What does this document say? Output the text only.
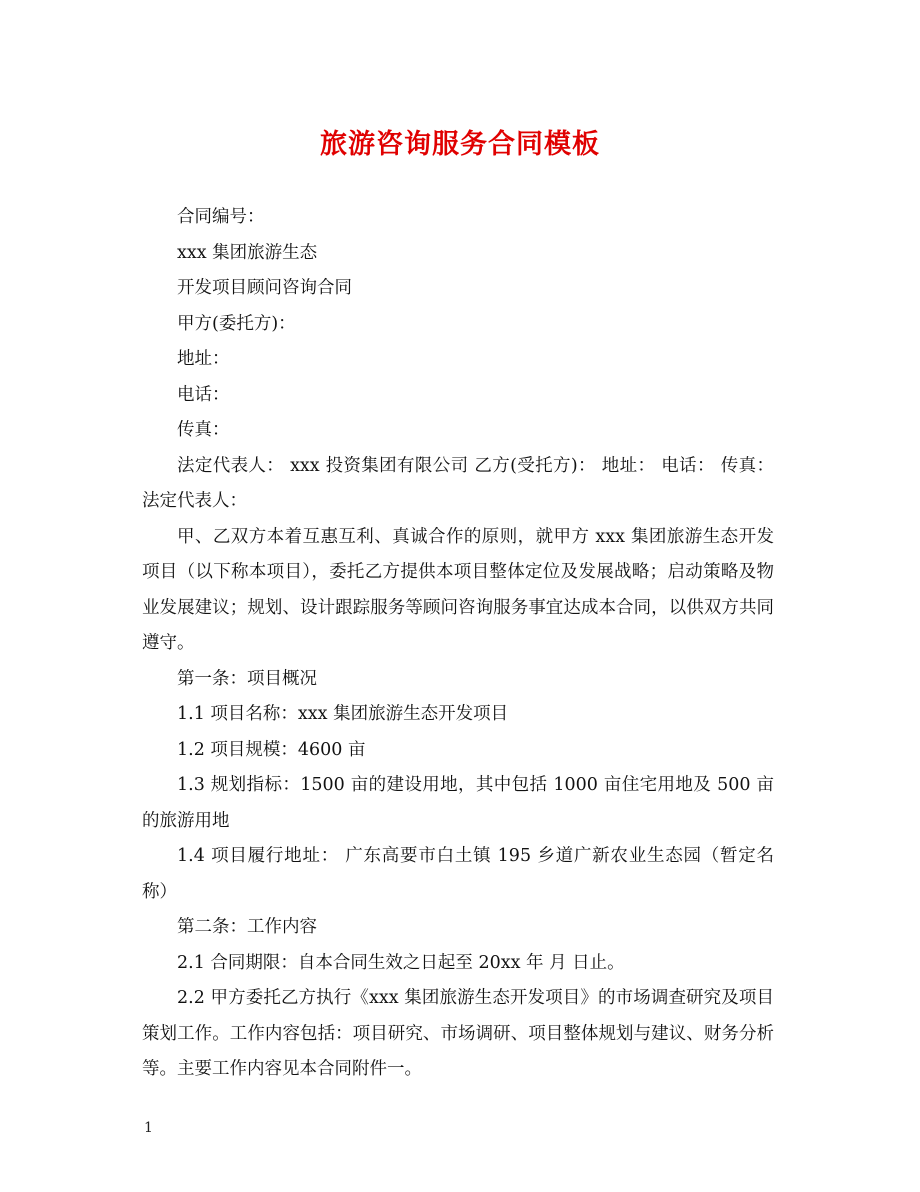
旅游咨询服务合同模板

合同编号：

xxx 集团旅游生态

开发项目顾问咨询合同

甲方(委托方)：

地址：

电话：

传真：

法定代表人： xxx 投资集团有限公司 乙方(受托方)： 地址： 电话： 传真： 法定代表人：

甲、乙双方本着互惠互利、真诚合作的原则，就甲方 xxx 集团旅游生态开发项目（以下称本项目），委托乙方提供本项目整体定位及发展战略；启动策略及物业发展建议；规划、设计跟踪服务等顾问咨询服务事宜达成本合同，以供双方共同遵守。

第一条：项目概况

1.1 项目名称：xxx 集团旅游生态开发项目

1.2 项目规模：4600 亩

1.3 规划指标：1500 亩的建设用地，其中包括 1000 亩住宅用地及 500 亩的旅游用地

1.4 项目履行地址： 广东高要市白土镇 195 乡道广新农业生态园（暂定名称）

第二条：工作内容

2.1 合同期限：自本合同生效之日起至 20xx 年 月 日止。

2.2 甲方委托乙方执行《xxx 集团旅游生态开发项目》的市场调查研究及项目策划工作。工作内容包括：项目研究、市场调研、项目整体规划与建议、财务分析等。主要工作内容见本合同附件一。

1
